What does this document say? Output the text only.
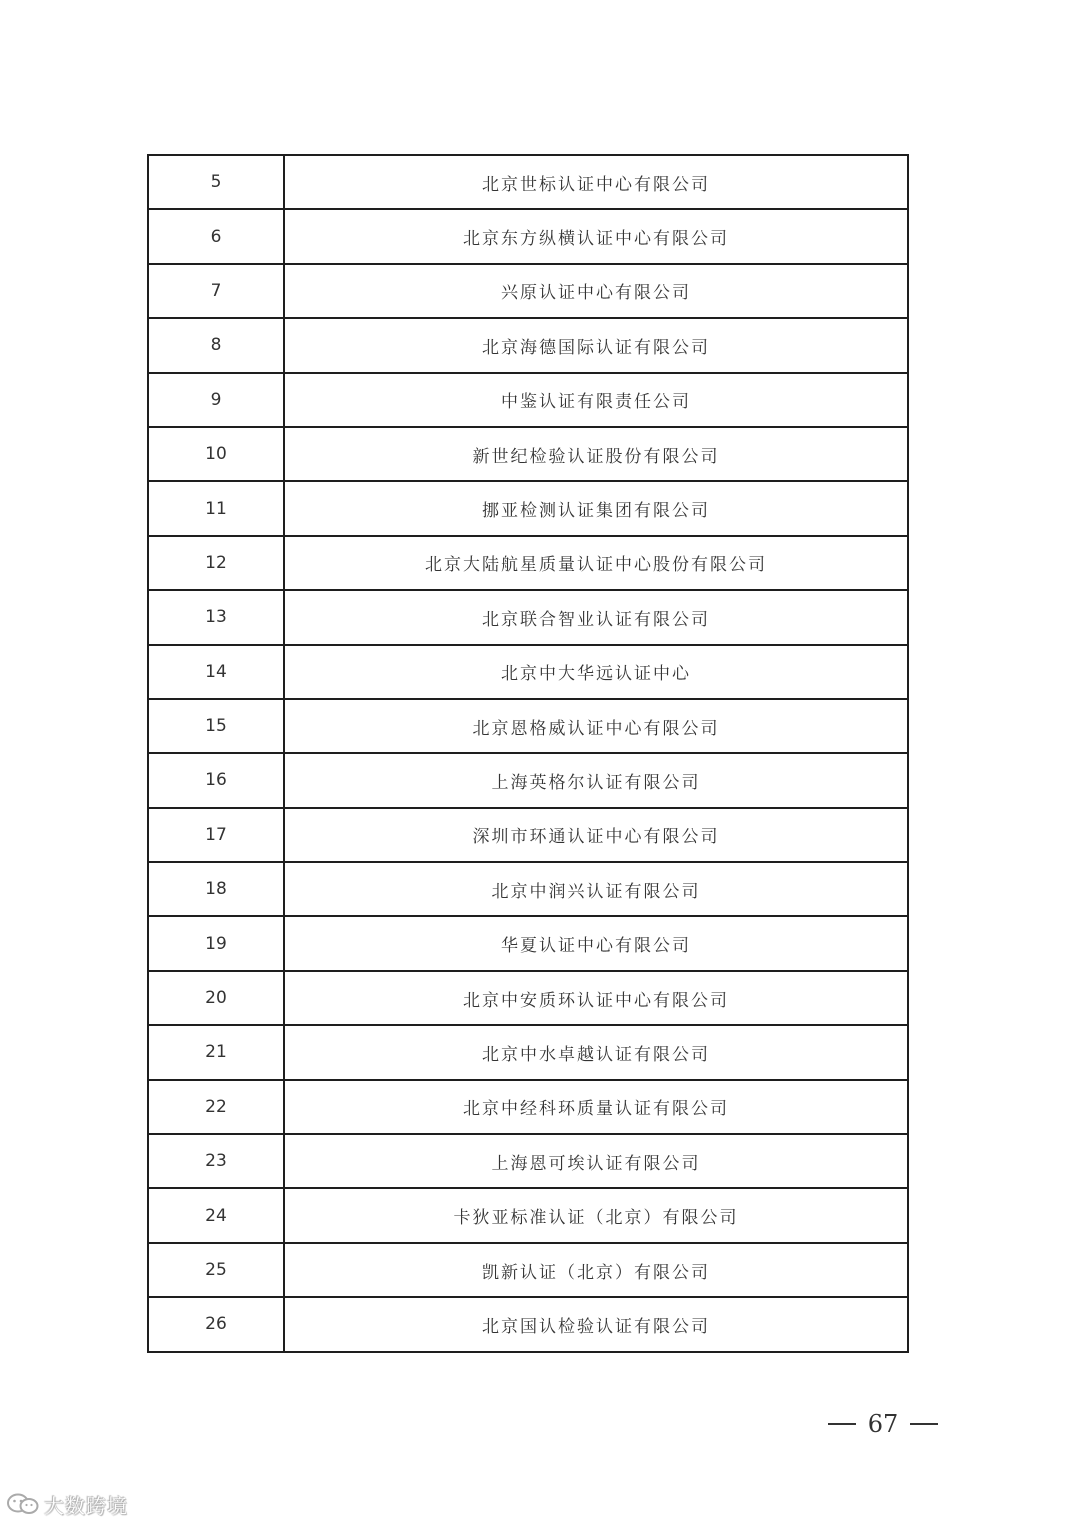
5	北京世标认证中心有限公司
6	北京东方纵横认证中心有限公司
7	兴原认证中心有限公司
8	北京海德国际认证有限公司
9	中鉴认证有限责任公司
10	新世纪检验认证股份有限公司
11	挪亚检测认证集团有限公司
12	北京大陆航星质量认证中心股份有限公司
13	北京联合智业认证有限公司
14	北京中大华远认证中心
15	北京恩格威认证中心有限公司
16	上海英格尔认证有限公司
17	深圳市环通认证中心有限公司
18	北京中润兴认证有限公司
19	华夏认证中心有限公司
20	北京中安质环认证中心有限公司
21	北京中水卓越认证有限公司
22	北京中经科环质量认证有限公司
23	上海恩可埃认证有限公司
24	卡狄亚标准认证（北京）有限公司
25	凯新认证（北京）有限公司
26	北京国认检验认证有限公司
67
大数跨境
